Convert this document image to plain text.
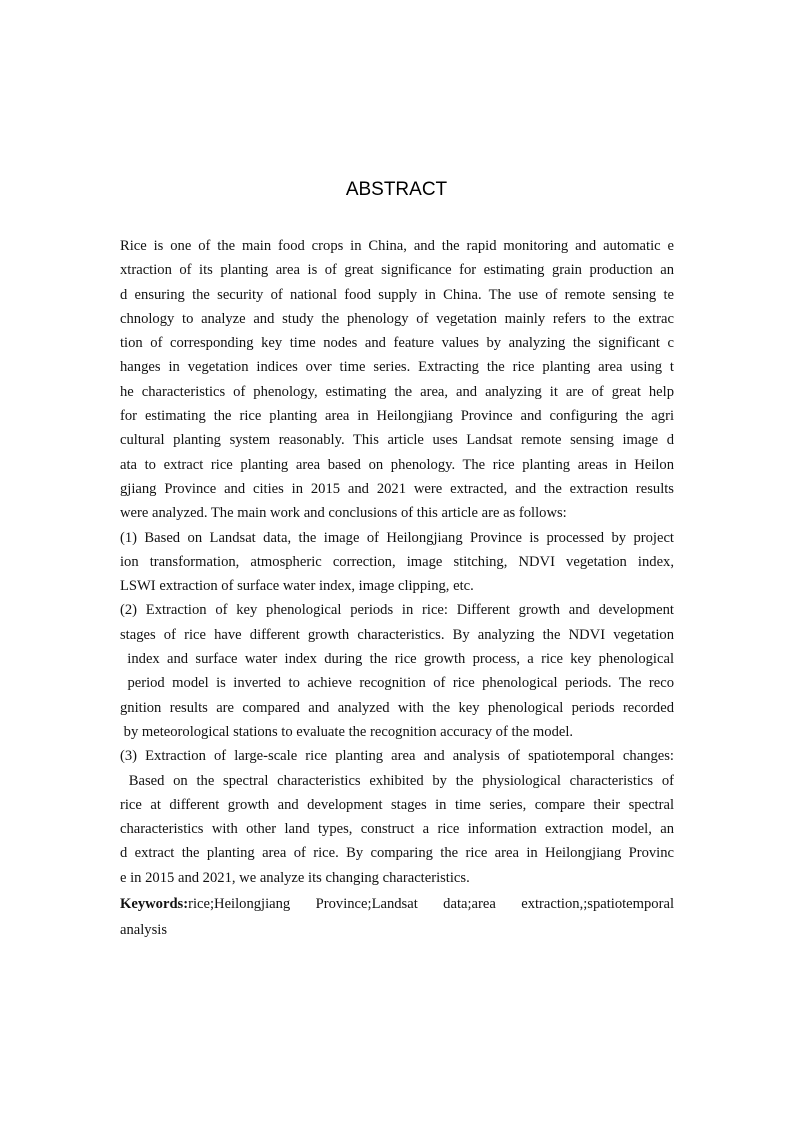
ABSTRACT
Rice is one of the main food crops in China, and the rapid monitoring and automatic e
xtraction of its planting area is of great significance for estimating grain production an
d ensuring the security of national food supply in China. The use of remote sensing te
chnology to analyze and study the phenology of vegetation mainly refers to the extrac
tion of corresponding key time nodes and feature values by analyzing the significant c
hanges in vegetation indices over time series. Extracting the rice planting area using t
he characteristics of phenology, estimating the area, and analyzing it are of great help
for estimating the rice planting area in Heilongjiang Province and configuring the agri
cultural planting system reasonably. This article uses Landsat remote sensing image d
ata to extract rice planting area based on phenology. The rice planting areas in Heilon
gjiang Province and cities in 2015 and 2021 were extracted, and the extraction results
were analyzed. The main work and conclusions of this article are as follows:
(1) Based on Landsat data, the image of Heilongjiang Province is processed by project
ion transformation, atmospheric correction, image stitching, NDVI vegetation index,
LSWI extraction of surface water index, image clipping, etc.
(2) Extraction of key phenological periods in rice: Different growth and development
stages of rice have different growth characteristics. By analyzing the NDVI vegetation
index and surface water index during the rice growth process, a rice key phenological
period model is inverted to achieve recognition of rice phenological periods. The reco
gnition results are compared and analyzed with the key phenological periods recorded
by meteorological stations to evaluate the recognition accuracy of the model.
(3) Extraction of large-scale rice planting area and analysis of spatiotemporal changes:
Based on the spectral characteristics exhibited by the physiological characteristics of
rice at different growth and development stages in time series, compare their spectral
characteristics with other land types, construct a rice information extraction model, an
d extract the planting area of rice. By comparing the rice area in Heilongjiang Provinc
e in 2015 and 2021, we analyze its changing characteristics.
Keywords:rice;Heilongjiang Province;Landsat data;area extraction,;spatiotemporal
analysis
